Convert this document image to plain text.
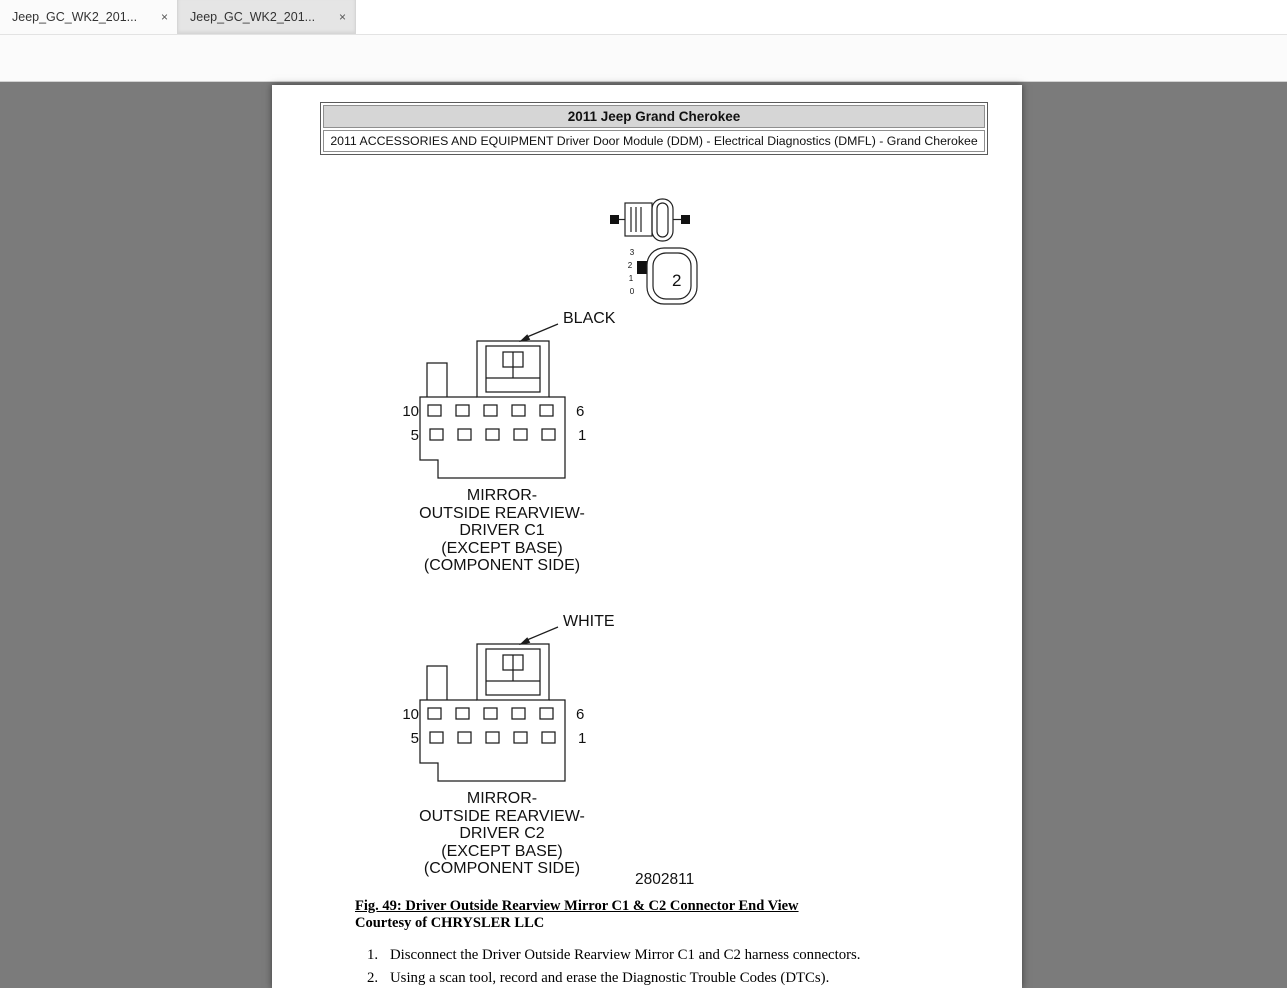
Jeep_GC_WK2_201...	× Jeep_GC_WK2_201...	×
1
2011 Jeep Grand Cherokee
2011 ACCESSORIES AND EQUIPMENT Driver Door Module (DDM) - Electrical Diagnostics (DMFL) - Grand Cherokee
3
2
1
0
2
BLACK
10
5
6
1
MIRROR-
OUTSIDE REARVIEW-
DRIVER C1
(EXCEPT BASE)
(COMPONENT SIDE)
WHITE
10
5
6
1
MIRROR-
OUTSIDE REARVIEW-
DRIVER C2
(EXCEPT BASE)
(COMPONENT SIDE)
2802811
Fig. 49: Driver Outside Rearview Mirror C1 & C2 Connector End View
Courtesy of CHRYSLER LLC
1. Disconnect the Driver Outside Rearview Mirror C1 and C2 harness connectors.
2. Using a scan tool, record and erase the Diagnostic Trouble Codes (DTCs).
